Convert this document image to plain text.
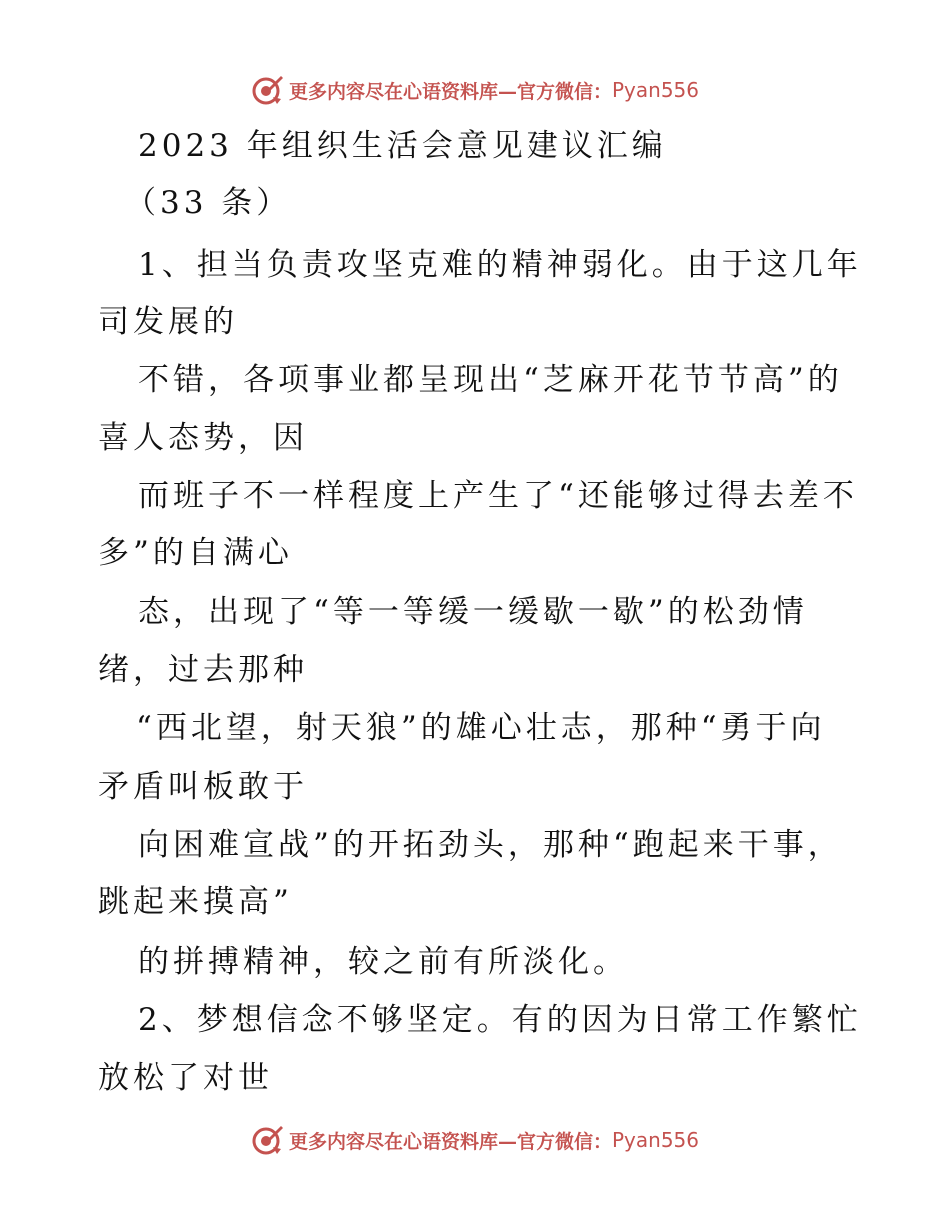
更多内容尽在心语资料库—官方微信： Pyan556
2023 年组织生活会意见建议汇编
（33 条）
1、担当负责攻坚克难的精神弱化。由于这几年
司发展的
不错，各项事业都呈现出“芝麻开花节节高”的
喜人态势，因
而班子不一样程度上产生了“还能够过得去差不
多”的自满心
态，出现了“等一等缓一缓歇一歇”的松劲情
绪，过去那种
“西北望，射天狼”的雄心壮志，那种“勇于向
矛盾叫板敢于
向困难宣战”的开拓劲头，那种“跑起来干事，
跳起来摸高”
的拼搏精神，较之前有所淡化。
2、梦想信念不够坚定。有的因为日常工作繁忙
放松了对世
更多内容尽在心语资料库—官方微信： Pyan556
